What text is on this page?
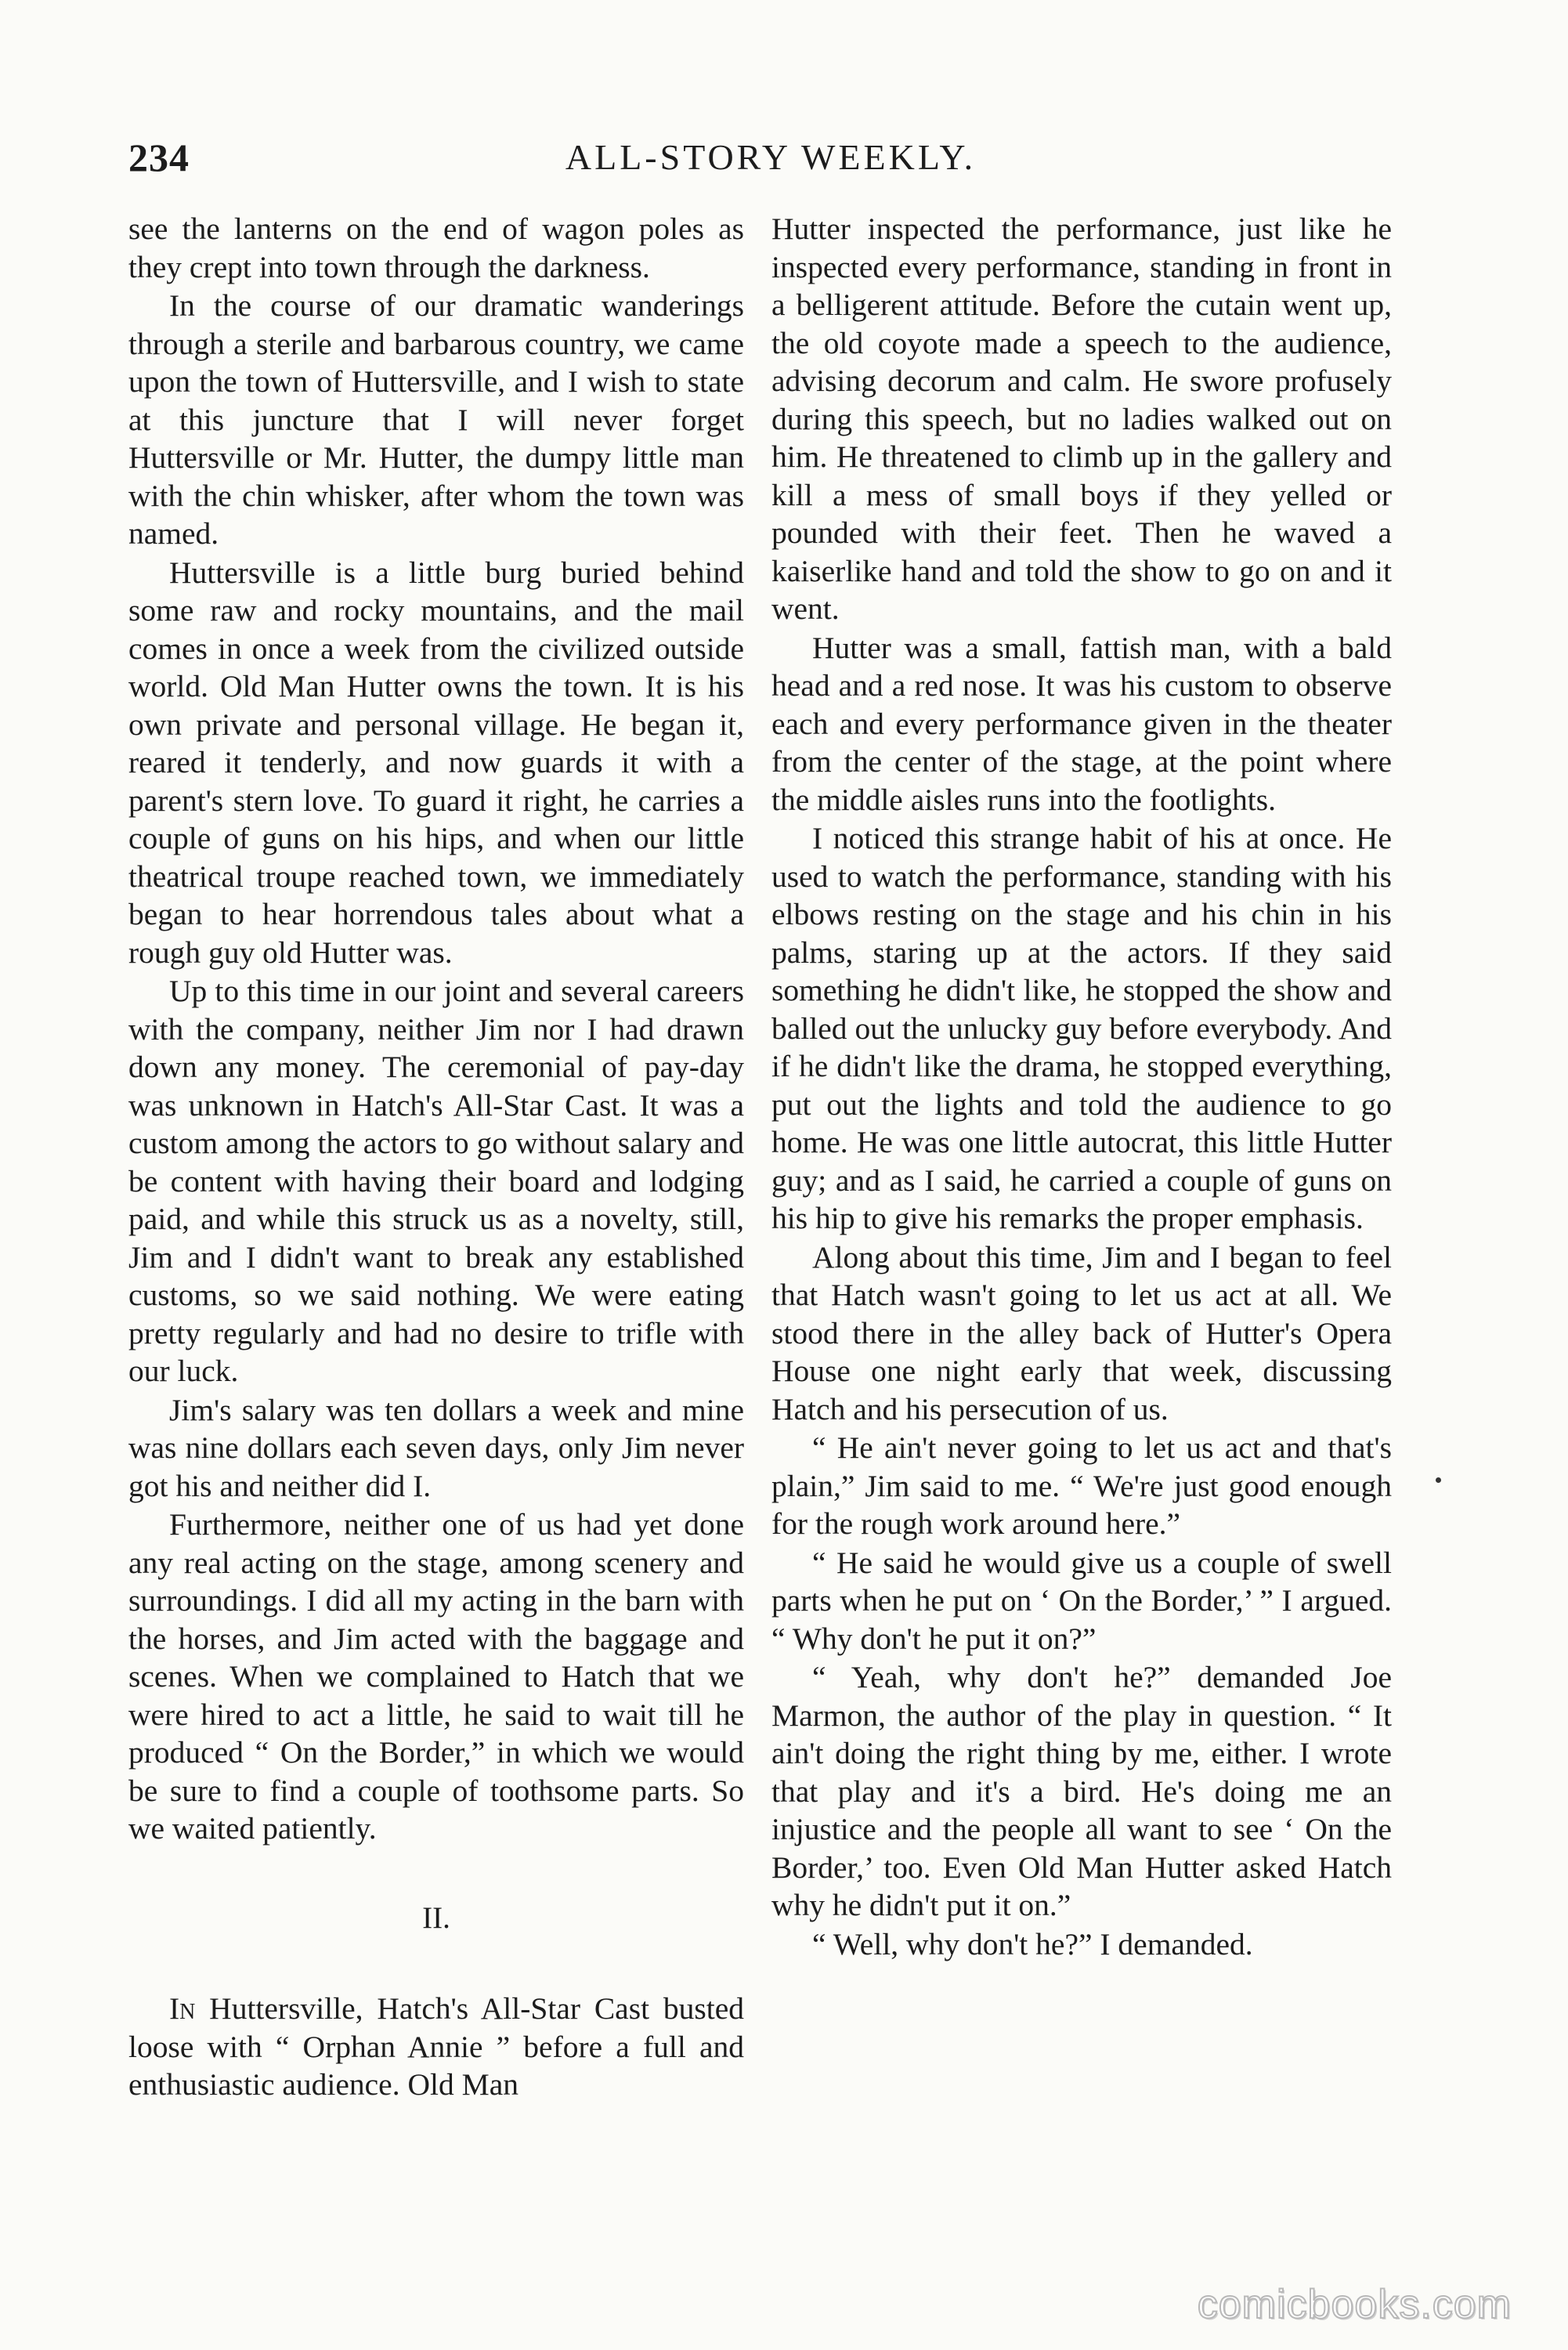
234	ALL-STORY WEEKLY.

see the lanterns on the end of wagon poles as they crept into town through the darkness.

In the course of our dramatic wanderings through a sterile and barbarous country, we came upon the town of Huttersville, and I wish to state at this juncture that I will never forget Huttersville or Mr. Hutter, the dumpy little man with the chin whisker, after whom the town was named.

Huttersville is a little burg buried behind some raw and rocky mountains, and the mail comes in once a week from the civilized outside world. Old Man Hutter owns the town. It is his own private and personal village. He began it, reared it tenderly, and now guards it with a parent's stern love. To guard it right, he carries a couple of guns on his hips, and when our little theatrical troupe reached town, we immediately began to hear horrendous tales about what a rough guy old Hutter was.

Up to this time in our joint and several careers with the company, neither Jim nor I had drawn down any money. The ceremonial of pay-day was unknown in Hatch's All-Star Cast. It was a custom among the actors to go without salary and be content with having their board and lodging paid, and while this struck us as a novelty, still, Jim and I didn't want to break any established customs, so we said nothing. We were eating pretty regularly and had no desire to trifle with our luck.

Jim's salary was ten dollars a week and mine was nine dollars each seven days, only Jim never got his and neither did I.

Furthermore, neither one of us had yet done any real acting on the stage, among scenery and surroundings. I did all my acting in the barn with the horses, and Jim acted with the baggage and scenes. When we complained to Hatch that we were hired to act a little, he said to wait till he produced “ On the Border,” in which we would be sure to find a couple of toothsome parts. So we waited patiently.

II.

In Huttersville, Hatch's All-Star Cast busted loose with “ Orphan Annie ” before a full and enthusiastic audience. Old Man

Hutter inspected the performance, just like he inspected every performance, standing in front in a belligerent attitude. Before the cutain went up, the old coyote made a speech to the audience, advising decorum and calm. He swore profusely during this speech, but no ladies walked out on him. He threatened to climb up in the gallery and kill a mess of small boys if they yelled or pounded with their feet. Then he waved a kaiserlike hand and told the show to go on and it went.

Hutter was a small, fattish man, with a bald head and a red nose. It was his custom to observe each and every performance given in the theater from the center of the stage, at the point where the middle aisles runs into the footlights.

I noticed this strange habit of his at once. He used to watch the performance, standing with his elbows resting on the stage and his chin in his palms, staring up at the actors. If they said something he didn't like, he stopped the show and balled out the unlucky guy before everybody. And if he didn't like the drama, he stopped everything, put out the lights and told the audience to go home. He was one little autocrat, this little Hutter guy; and as I said, he carried a couple of guns on his hip to give his remarks the proper emphasis.

Along about this time, Jim and I began to feel that Hatch wasn't going to let us act at all. We stood there in the alley back of Hutter's Opera House one night early that week, discussing Hatch and his persecution of us.

“ He ain't never going to let us act and that's plain,” Jim said to me. “ We're just good enough for the rough work around here.”

“ He said he would give us a couple of swell parts when he put on ‘ On the Border,’ ” I argued. “ Why don't he put it on?”

“ Yeah, why don't he?” demanded Joe Marmon, the author of the play in question. “ It ain't doing the right thing by me, either. I wrote that play and it's a bird. He's doing me an injustice and the people all want to see ‘ On the Border,’ too. Even Old Man Hutter asked Hatch why he didn't put it on.”

“ Well, why don't he?” I demanded.

comicbooks.com
